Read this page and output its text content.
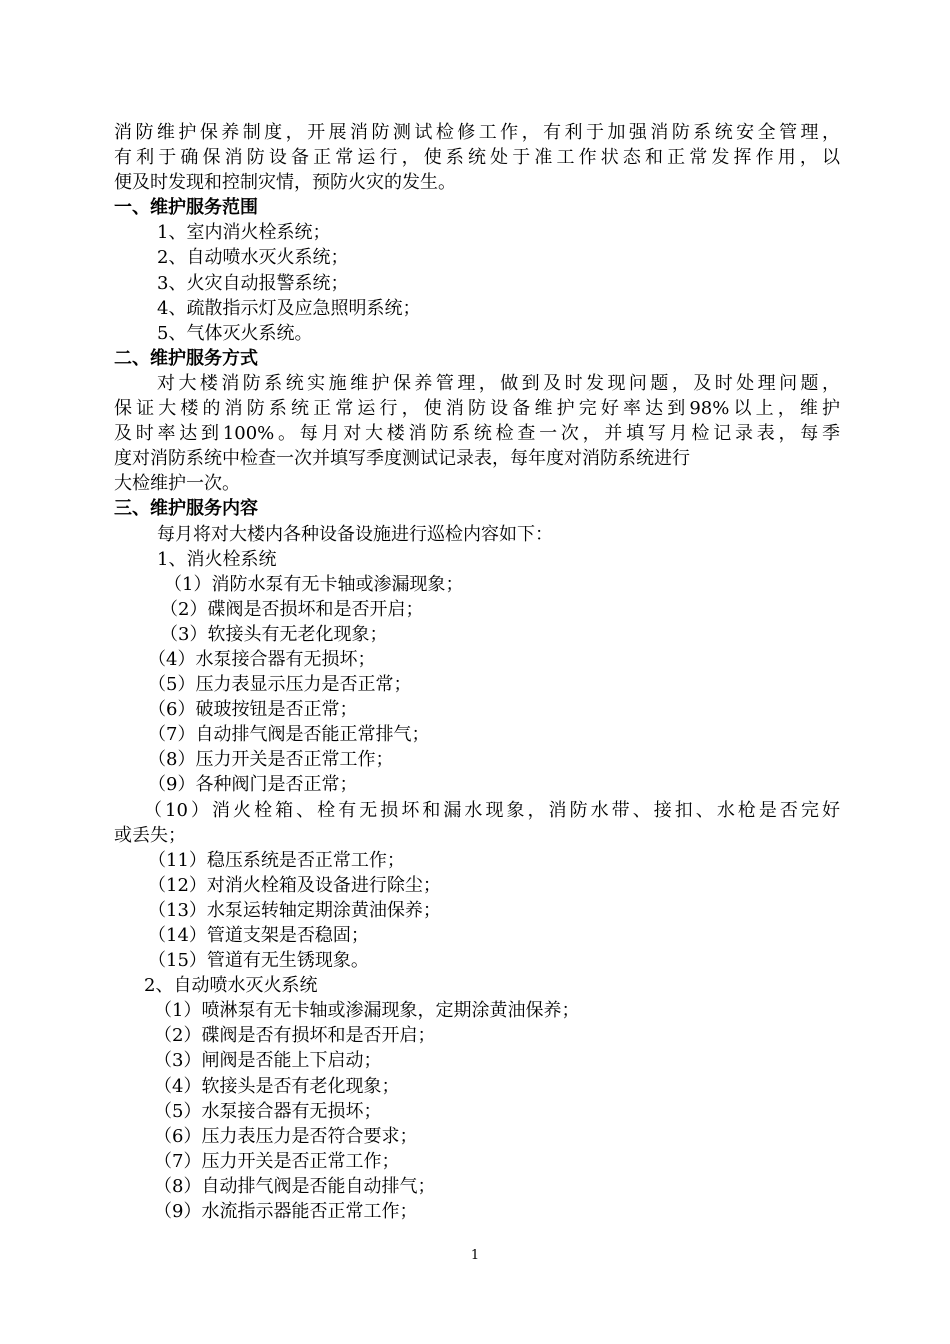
消防维护保养制度，开展消防测试检修工作，有利于加强消防系统安全管理，
有利于确保消防设备正常运行，使系统处于准工作状态和正常发挥作用，以
便及时发现和控制灾情，预防火灾的发生。
一、维护服务范围
1、室内消火栓系统；
2、自动喷水灭火系统；
3、火灾自动报警系统；
4、疏散指示灯及应急照明系统；
5、气体灭火系统。
二、维护服务方式
对大楼消防系统实施维护保养管理，做到及时发现问题，及时处理问题，
保证大楼的消防系统正常运行，使消防设备维护完好率达到98%以上，维护
及时率达到100%。每月对大楼消防系统检查一次，并填写月检记录表，每季
度对消防系统中检查一次并填写季度测试记录表，每年度对消防系统进行
大检维护一次。
三、维护服务内容
每月将对大楼内各种设备设施进行巡检内容如下：
1、消火栓系统
（1）消防水泵有无卡轴或渗漏现象；
（2）碟阀是否损坏和是否开启；
（3）软接头有无老化现象；
（4）水泵接合器有无损坏；
（5）压力表显示压力是否正常；
（6）破玻按钮是否正常；
（7）自动排气阀是否能正常排气；
（8）压力开关是否正常工作；
（9）各种阀门是否正常；
（10）消火栓箱、栓有无损坏和漏水现象，消防水带、接扣、水枪是否完好
或丢失；
（11）稳压系统是否正常工作；
（12）对消火栓箱及设备进行除尘；
（13）水泵运转轴定期涂黄油保养；
（14）管道支架是否稳固；
（15）管道有无生锈现象。
2、自动喷水灭火系统
（1）喷淋泵有无卡轴或渗漏现象，定期涂黄油保养；
（2）碟阀是否有损坏和是否开启；
（3）闸阀是否能上下启动；
（4）软接头是否有老化现象；
（5）水泵接合器有无损坏；
（6）压力表压力是否符合要求；
（7）压力开关是否正常工作；
（8）自动排气阀是否能自动排气；
（9）水流指示器能否正常工作；
1
